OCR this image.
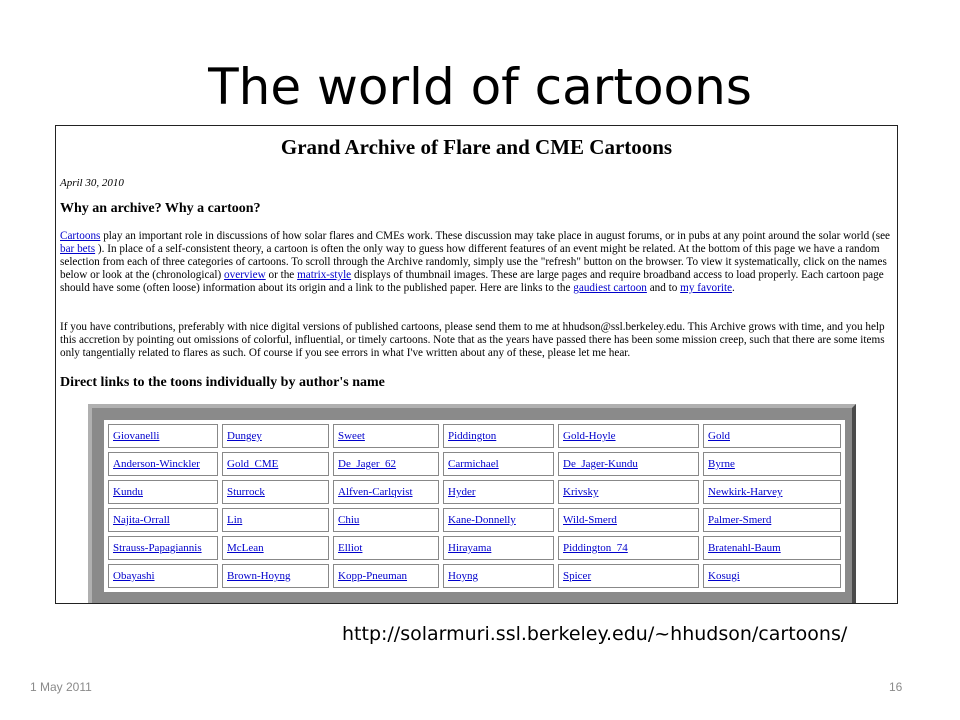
The world of cartoons
Grand Archive of Flare and CME Cartoons
April 30, 2010
Why an archive? Why a cartoon?
Cartoons play an important role in discussions of how solar flares and CMEs work. These discussion may take place in august forums, or in pubs at any point around the solar world (see bar bets ). In place of a self-consistent theory, a cartoon is often the only way to guess how different features of an event might be related. At the bottom of this page we have a random selection from each of three categories of cartoons. To scroll through the Archive randomly, simply use the "refresh" button on the browser. To view it systematically, click on the names below or look at the (chronological) overview or the matrix-style displays of thumbnail images. These are large pages and require broadband access to load properly. Each cartoon page should have some (often loose) information about its origin and a link to the published paper. Here are links to the gaudiest cartoon and to my favorite.
If you have contributions, preferably with nice digital versions of published cartoons, please send them to me at hhudson@ssl.berkeley.edu. This Archive grows with time, and you help this accretion by pointing out omissions of colorful, influential, or timely cartoons. Note that as the years have passed there has been some mission creep, such that there are some items only tangentially related to flares as such. Of course if you see errors in what I've written about any of these, please let me hear.
Direct links to the toons individually by author's name
Giovanelli	Dungey	Sweet	Piddington	Gold-Hoyle	Gold
Anderson-Winckler	Gold_CME	De_Jager_62	Carmichael	De_Jager-Kundu	Byrne
Kundu	Sturrock	Alfven-Carlqvist	Hyder	Krivsky	Newkirk-Harvey
Najita-Orrall	Lin	Chiu	Kane-Donnelly	Wild-Smerd	Palmer-Smerd
Strauss-Papagiannis	McLean	Elliot	Hirayama	Piddington_74	Bratenahl-Baum
Obayashi	Brown-Hoyng	Kopp-Pneuman	Hoyng	Spicer	Kosugi
http://solarmuri.ssl.berkeley.edu/~hhudson/cartoons/
1 May 2011	16
